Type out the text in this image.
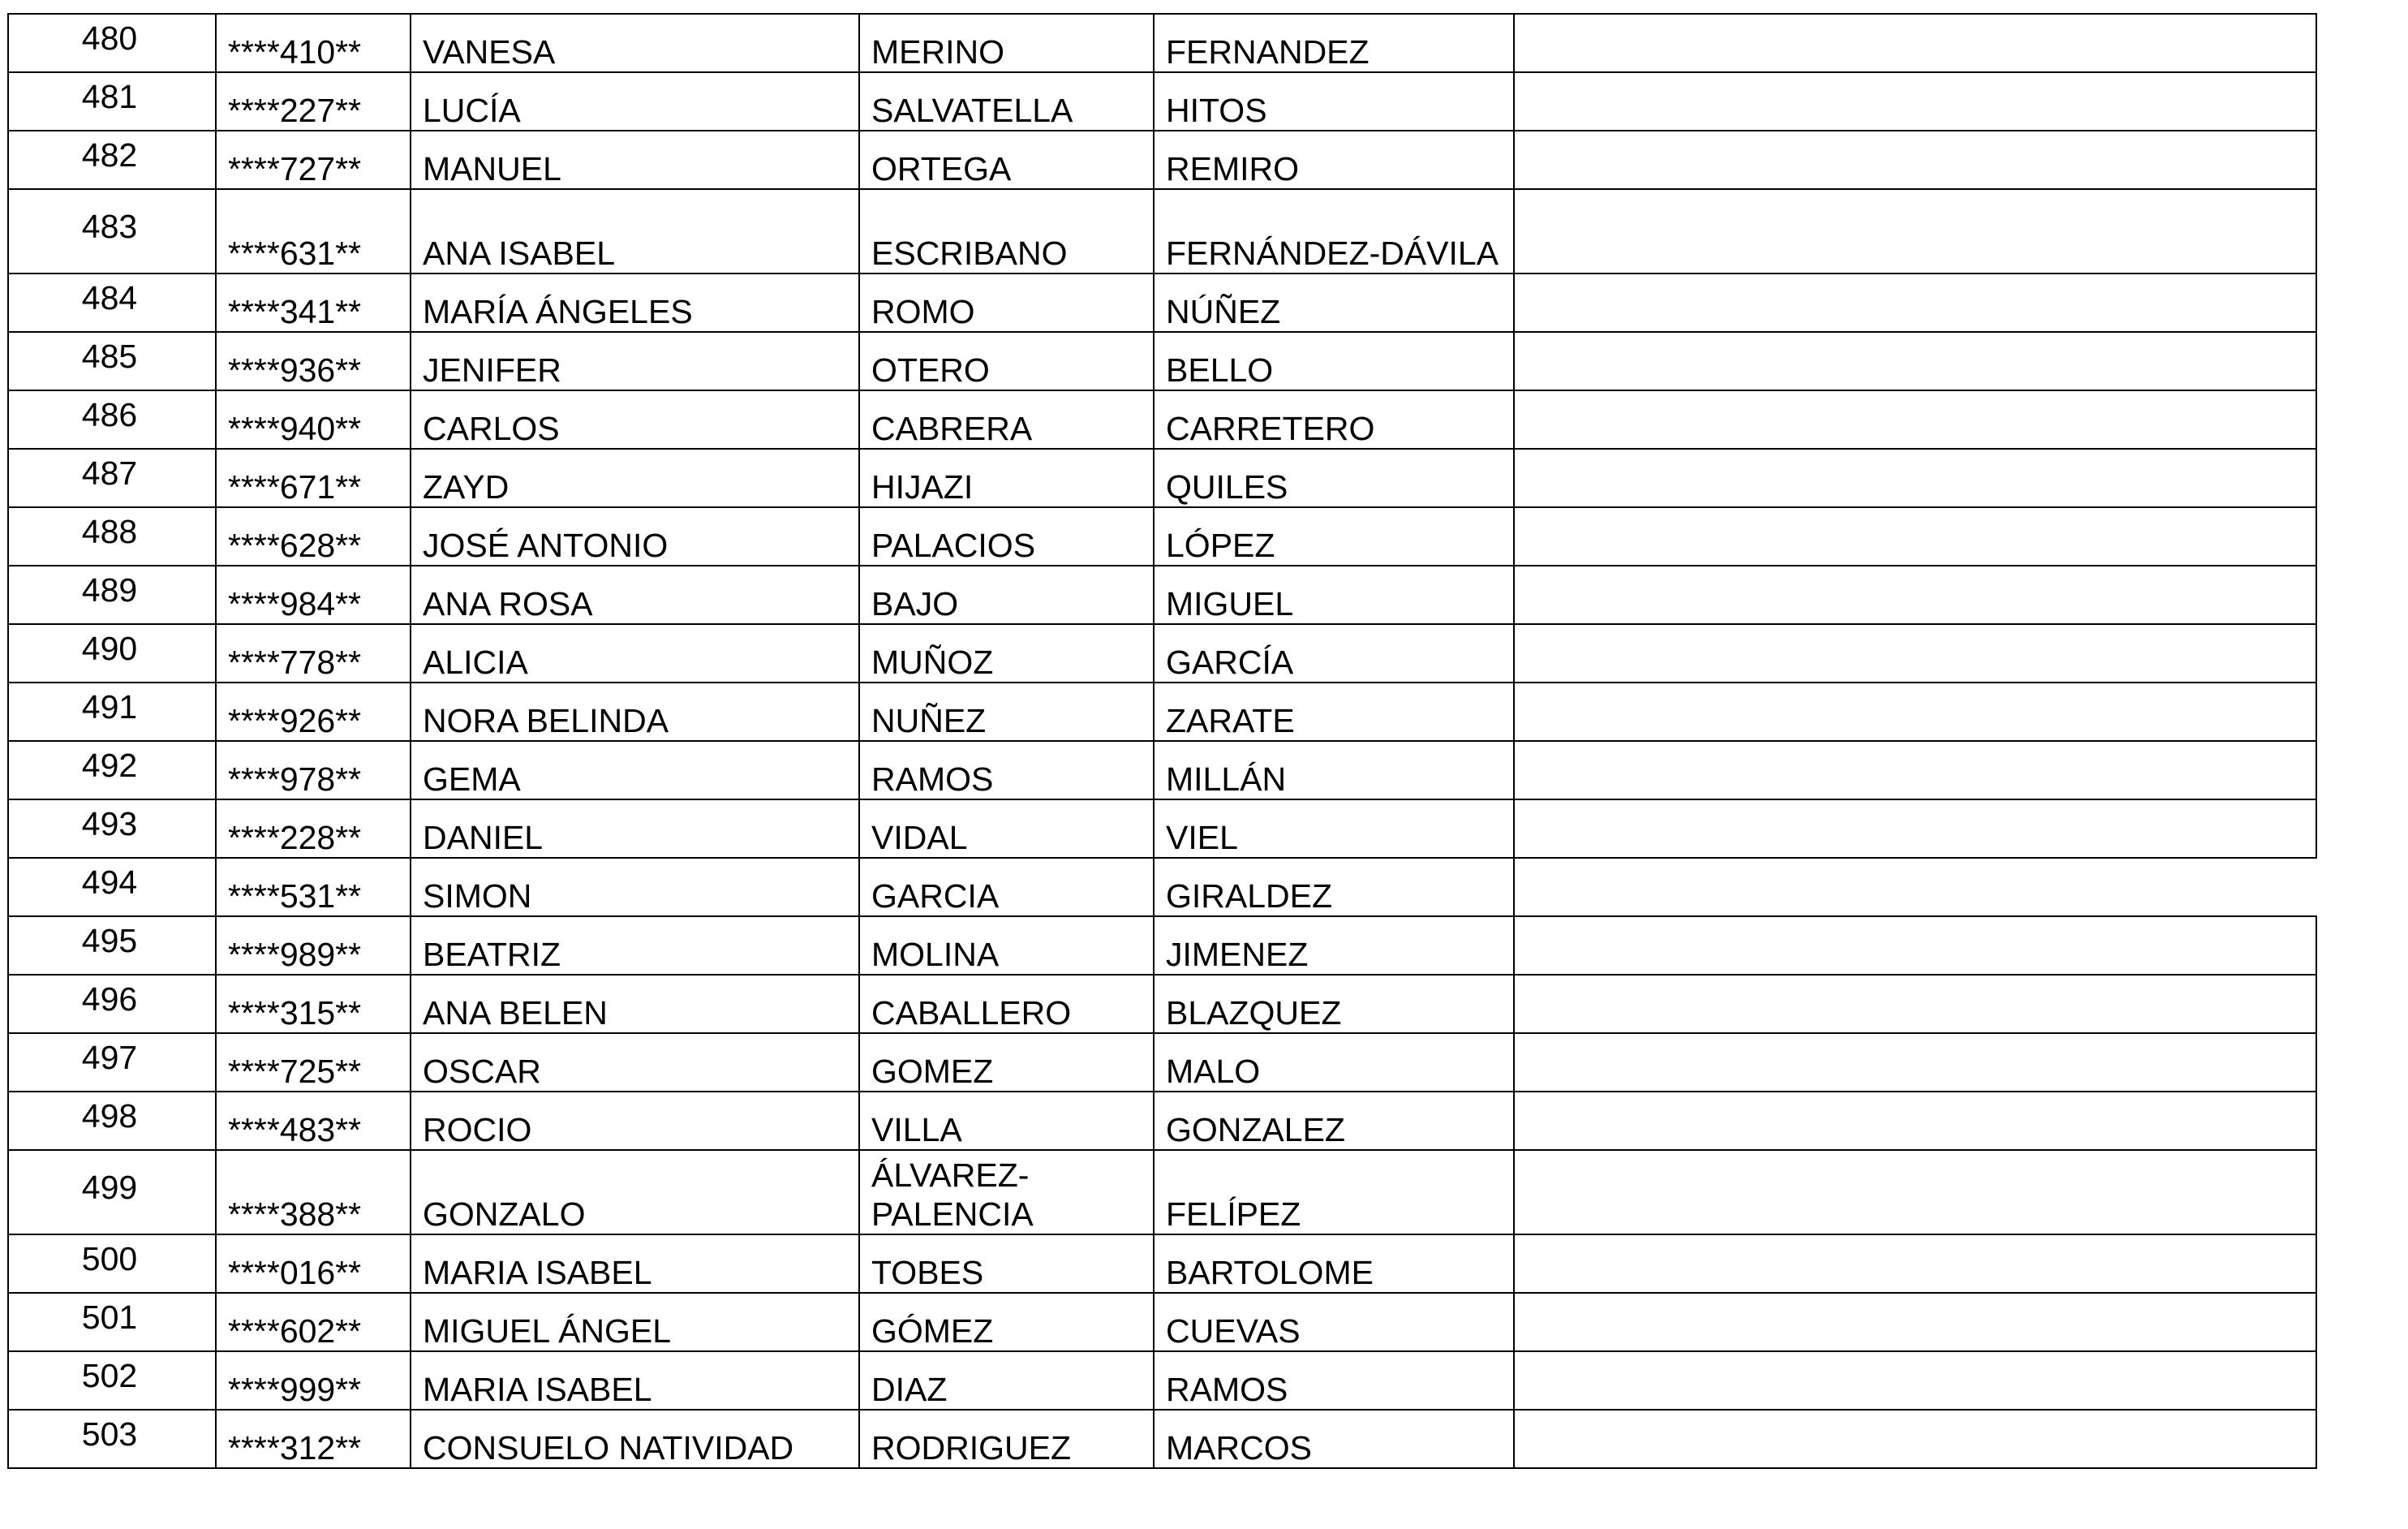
480	****410**	VANESA	MERINO	FERNANDEZ	
481	****227**	LUCÍA	SALVATELLA	HITOS	
482	****727**	MANUEL	ORTEGA	REMIRO	
483	****631**	ANA ISABEL	ESCRIBANO	FERNÁNDEZ-DÁVILA	
484	****341**	MARÍA ÁNGELES	ROMO	NÚÑEZ	
485	****936**	JENIFER	OTERO	BELLO	
486	****940**	CARLOS	CABRERA	CARRETERO	
487	****671**	ZAYD	HIJAZI	QUILES	
488	****628**	JOSÉ ANTONIO	PALACIOS	LÓPEZ	
489	****984**	ANA ROSA	BAJO	MIGUEL	
490	****778**	ALICIA	MUÑOZ	GARCÍA	
491	****926**	NORA BELINDA	NUÑEZ	ZARATE	
492	****978**	GEMA	RAMOS	MILLÁN	
493	****228**	DANIEL	VIDAL	VIEL	
494	****531**	SIMON	GARCIA	GIRALDEZ	
495	****989**	BEATRIZ	MOLINA	JIMENEZ	
496	****315**	ANA BELEN	CABALLERO	BLAZQUEZ	
497	****725**	OSCAR	GOMEZ	MALO	
498	****483**	ROCIO	VILLA	GONZALEZ	
499	****388**	GONZALO	ÁLVAREZ-PALENCIA	FELÍPEZ	
500	****016**	MARIA ISABEL	TOBES	BARTOLOME	
501	****602**	MIGUEL ÁNGEL	GÓMEZ	CUEVAS	
502	****999**	MARIA ISABEL	DIAZ	RAMOS	
503	****312**	CONSUELO NATIVIDAD	RODRIGUEZ	MARCOS	
